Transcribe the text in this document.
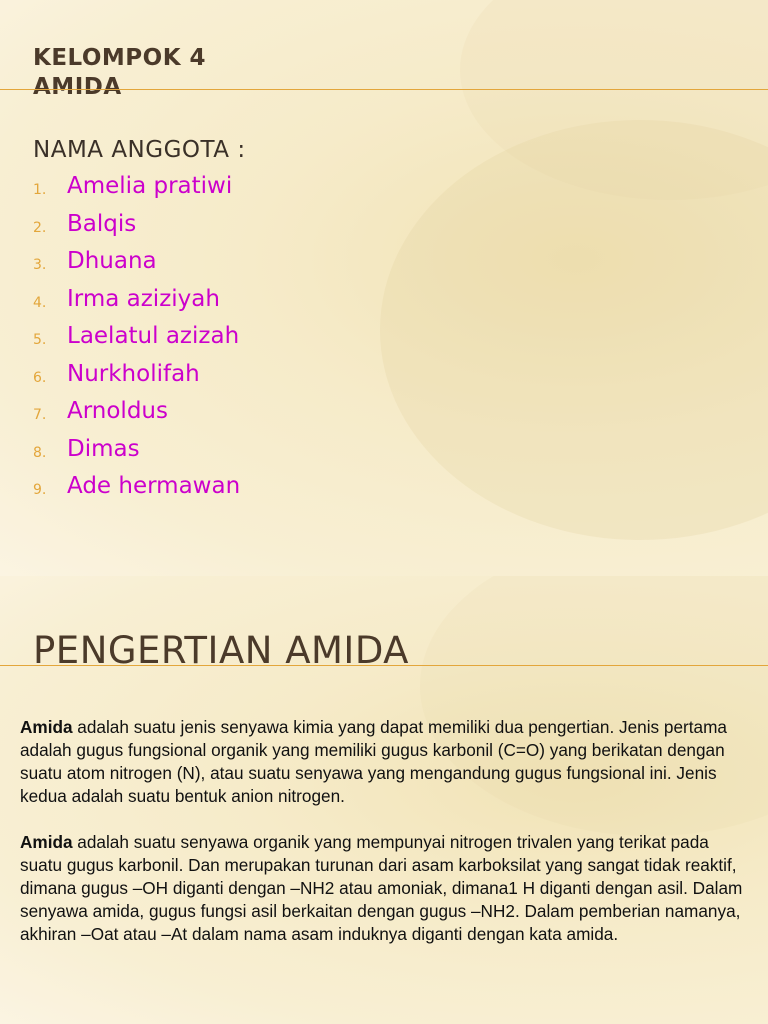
KELOMPOK 4
AMIDA
NAMA ANGGOTA :
1. Amelia pratiwi
2. Balqis
3. Dhuana
4. Irma aziziyah
5. Laelatul azizah
6. Nurkholifah
7. Arnoldus
8. Dimas
9. Ade hermawan
PENGERTIAN AMIDA

Amida adalah suatu jenis senyawa kimia yang dapat memiliki dua pengertian. Jenis pertama adalah gugus fungsional organik yang memiliki gugus karbonil (C=O) yang berikatan dengan suatu atom nitrogen (N), atau suatu senyawa yang mengandung gugus fungsional ini. Jenis kedua adalah suatu bentuk anion nitrogen.

Amida adalah suatu senyawa organik yang mempunyai nitrogen trivalen yang terikat pada suatu gugus karbonil. Dan merupakan turunan dari asam karboksilat yang sangat tidak reaktif, dimana gugus –OH diganti dengan –NH2 atau amoniak, dimana1 H diganti dengan asil. Dalam senyawa amida, gugus fungsi asil berkaitan dengan gugus –NH2. Dalam pemberian namanya, akhiran –Oat atau –At dalam nama asam induknya diganti dengan kata amida.
